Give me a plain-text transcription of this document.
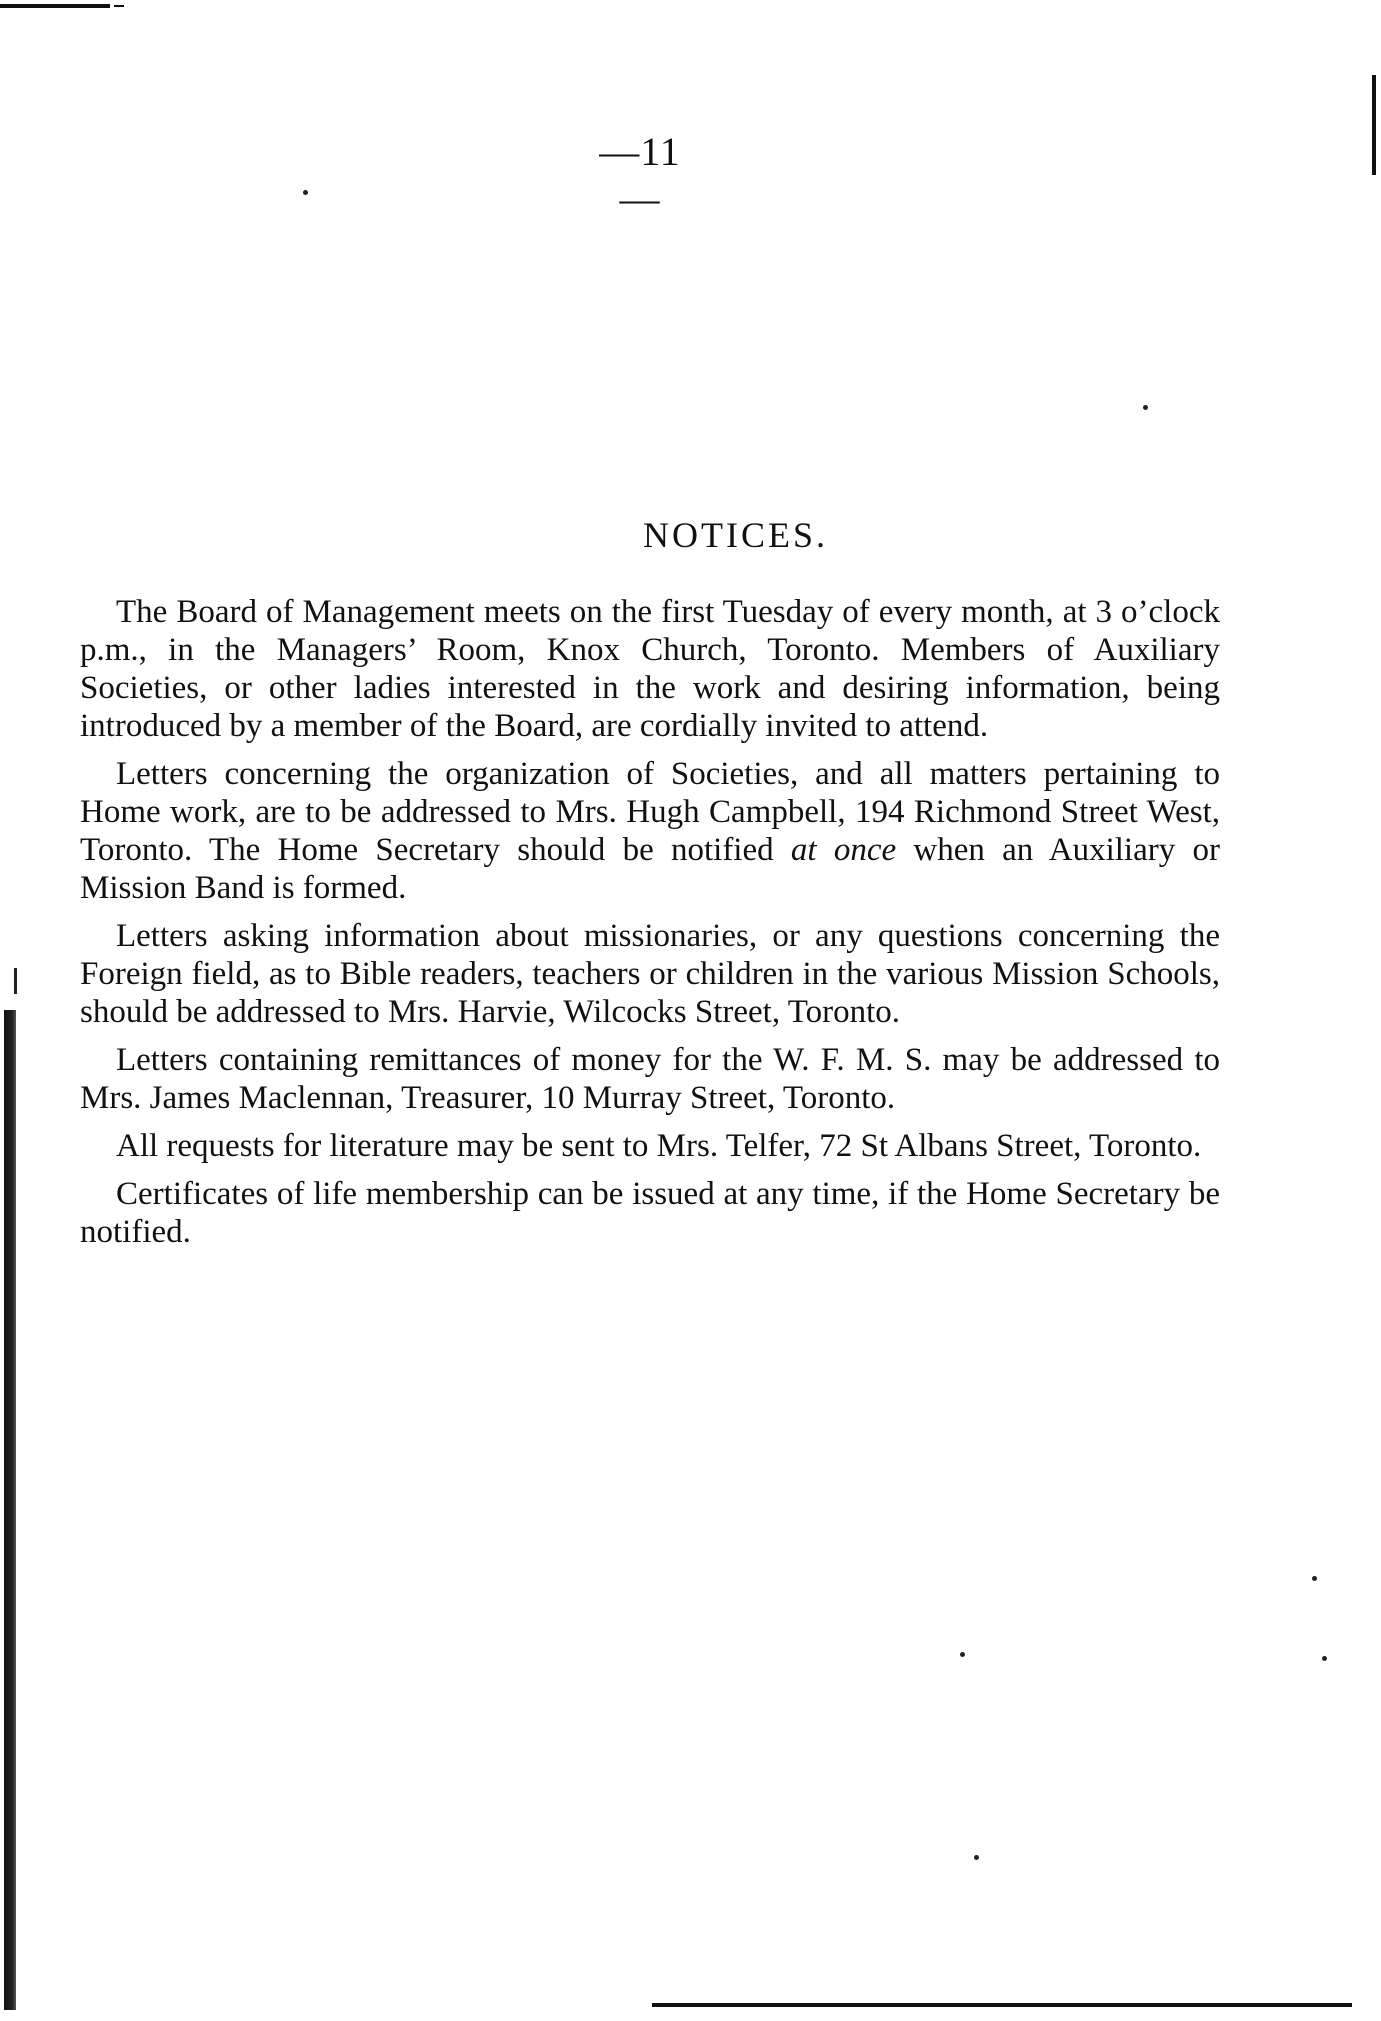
—11—
NOTICES.

The Board of Management meets on the first Tuesday of every month, at 3 o’clock p.m., in the Managers’ Room, Knox Church, Toronto. Members of Auxiliary Societies, or other ladies interested in the work and desiring information, being introduced by a member of the Board, are cordially invited to attend.

Letters concerning the organization of Societies, and all matters pertaining to Home work, are to be addressed to Mrs. Hugh Campbell, 194 Richmond Street West, Toronto. The Home Secretary should be notified at once when an Auxiliary or Mission Band is formed.

Letters asking information about missionaries, or any questions concerning the Foreign field, as to Bible readers, teachers or children in the various Mission Schools, should be addressed to Mrs. Harvie, Wilcocks Street, Toronto.

Letters containing remittances of money for the W. F. M. S. may be addressed to Mrs. James Maclennan, Treasurer, 10 Murray Street, Toronto.

All requests for literature may be sent to Mrs. Telfer, 72 St Albans Street, Toronto.

Certificates of life membership can be issued at any time, if the Home Secretary be notified.
